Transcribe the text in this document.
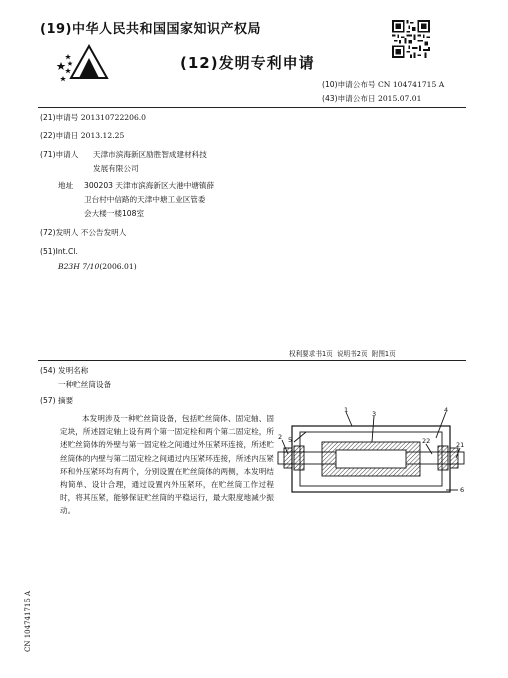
(19)中华人民共和国国家知识产权局
(12)发明专利申请
(10)申请公布号 CN 104741715 A
(43)申请公布日 2015.07.01
(21)申请号 201310722206.0
(22)申请日 2013.12.25
(71)申请人 天津市滨海新区励胜智成建材科技
发展有限公司
地址 300203 天津市滨海新区大港中塘镇薛
卫台村中信路的天津中塘工业区管委
会大楼一楼108室
(72)发明人 不公告发明人
(51)Int.Cl.
B23H 7/10(2006.01)
权利要求书1页 说明书2页 附图1页
(54) 发明名称
一种贮丝筒设备
(57) 摘要
本发明涉及一种贮丝筒设备，包括贮丝筒体、固定轴、固定块，所述固定轴上设有两个第一固定栓和两个第二固定栓，所述贮丝筒体的外壁与第一固定栓之间通过外压紧环连接，所述贮丝筒体的内壁与第二固定栓之间通过内压紧环连接，所述内压紧环和外压紧环均有两个，分别设置在贮丝筒体的两侧，本发明结构简单、设计合理，通过设置内外压紧环，在贮丝筒工作过程时，将其压紧，能够保证贮丝筒的平稳运行，最大限度地减少振动。
1	3	4
2 5
6
21
22
CN 104741715 A
